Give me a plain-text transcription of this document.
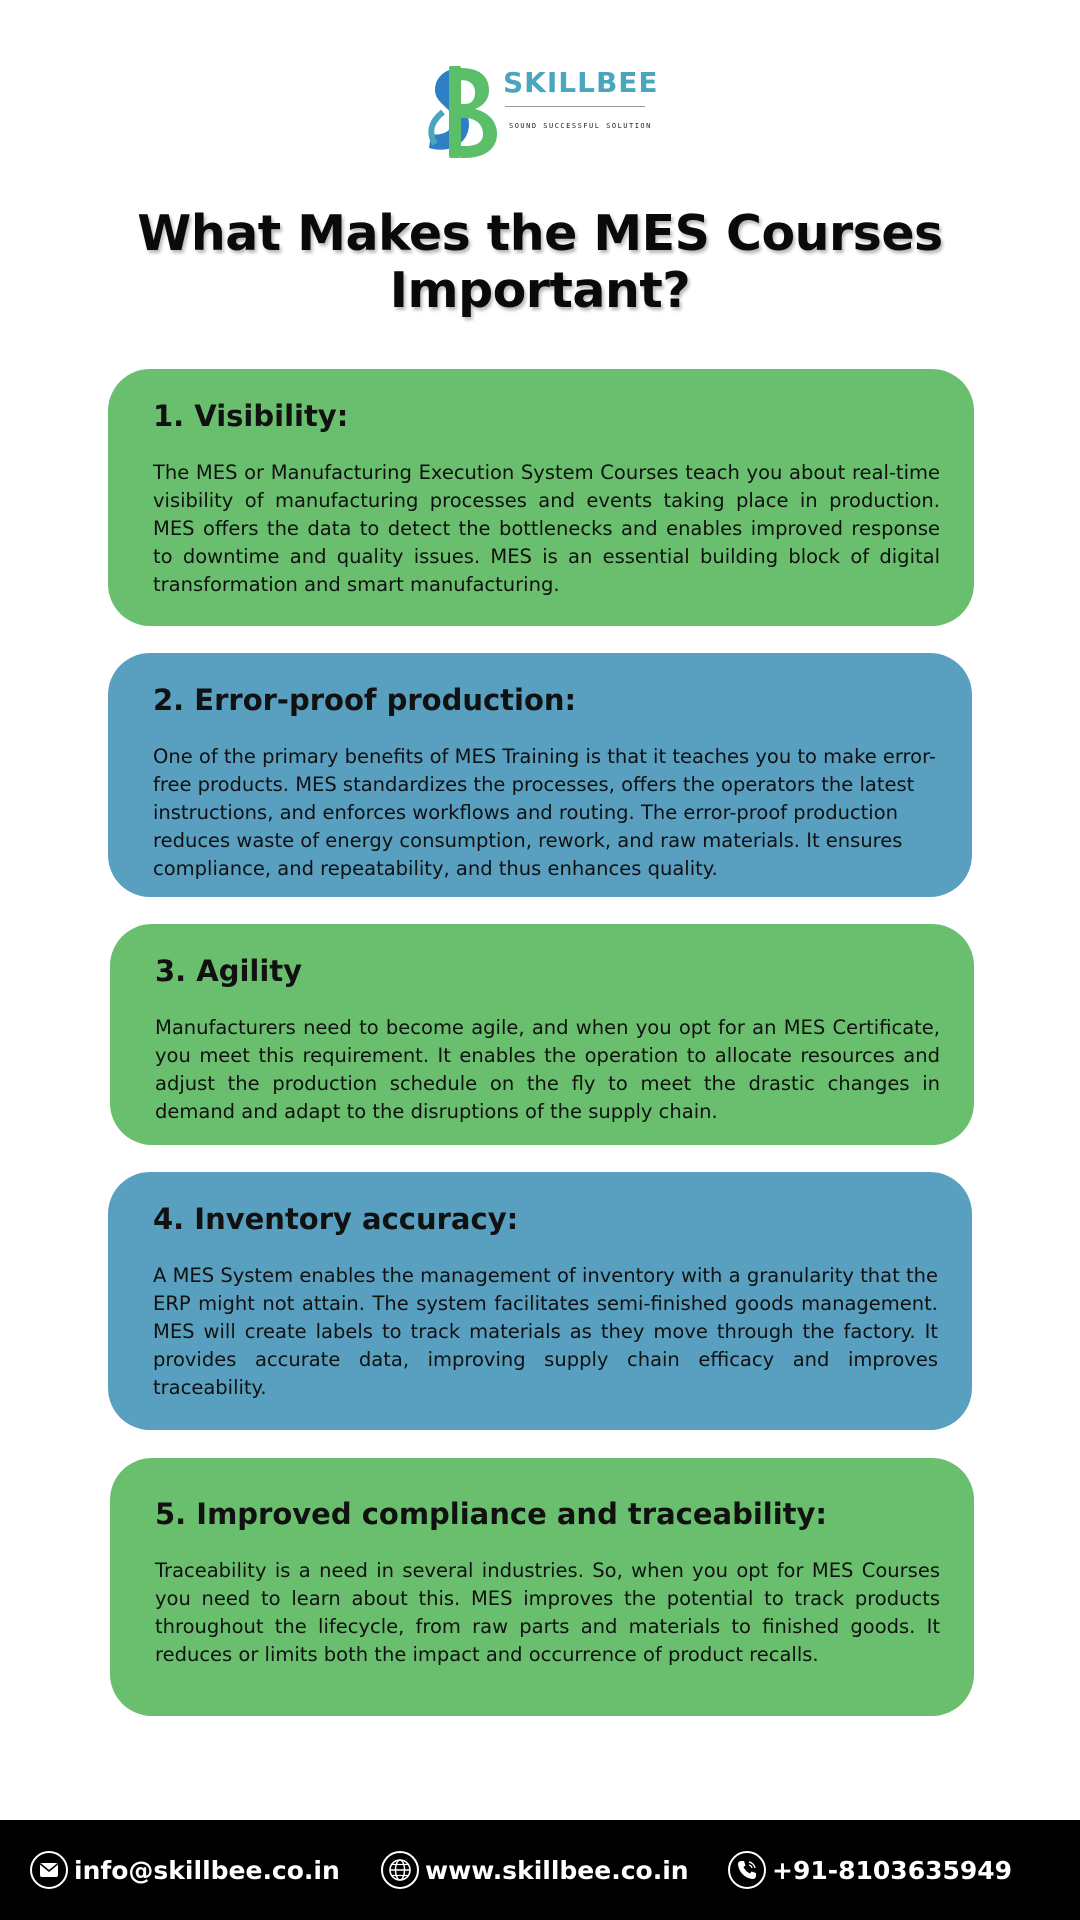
SKILLBEE
SOUND SUCCESSFUL SOLUTION
What Makes the MES Courses Important?
1. Visibility:

The MES or Manufacturing Execution System Courses teach you about real-time visibility of manufacturing processes and events taking place in production. MES offers the data to detect the bottlenecks and enables improved response to downtime and quality issues. MES is an essential building block of digital transformation and smart manufacturing.

2. Error-proof production:

One of the primary benefits of MES Training is that it teaches you to make error-free products. MES standardizes the processes, offers the operators the latest instructions, and enforces workflows and routing. The error-proof production reduces waste of energy consumption, rework, and raw materials. It ensures compliance, and repeatability, and thus enhances quality.

3. Agility

Manufacturers need to become agile, and when you opt for an MES Certificate, you meet this requirement. It enables the operation to allocate resources and adjust the production schedule on the fly to meet the drastic changes in demand and adapt to the disruptions of the supply chain.

4. Inventory accuracy:

A MES System enables the management of inventory with a granularity that the ERP might not attain. The system facilitates semi-finished goods management. MES will create labels to track materials as they move through the factory. It provides accurate data, improving supply chain efficacy and improves traceability.

5. Improved compliance and traceability:

Traceability is a need in several industries. So, when you opt for MES Courses you need to learn about this. MES improves the potential to track products throughout the lifecycle, from raw parts and materials to finished goods. It reduces or limits both the impact and occurrence of product recalls.

info@skillbee.co.in	www.skillbee.co.in	+91-8103635949
